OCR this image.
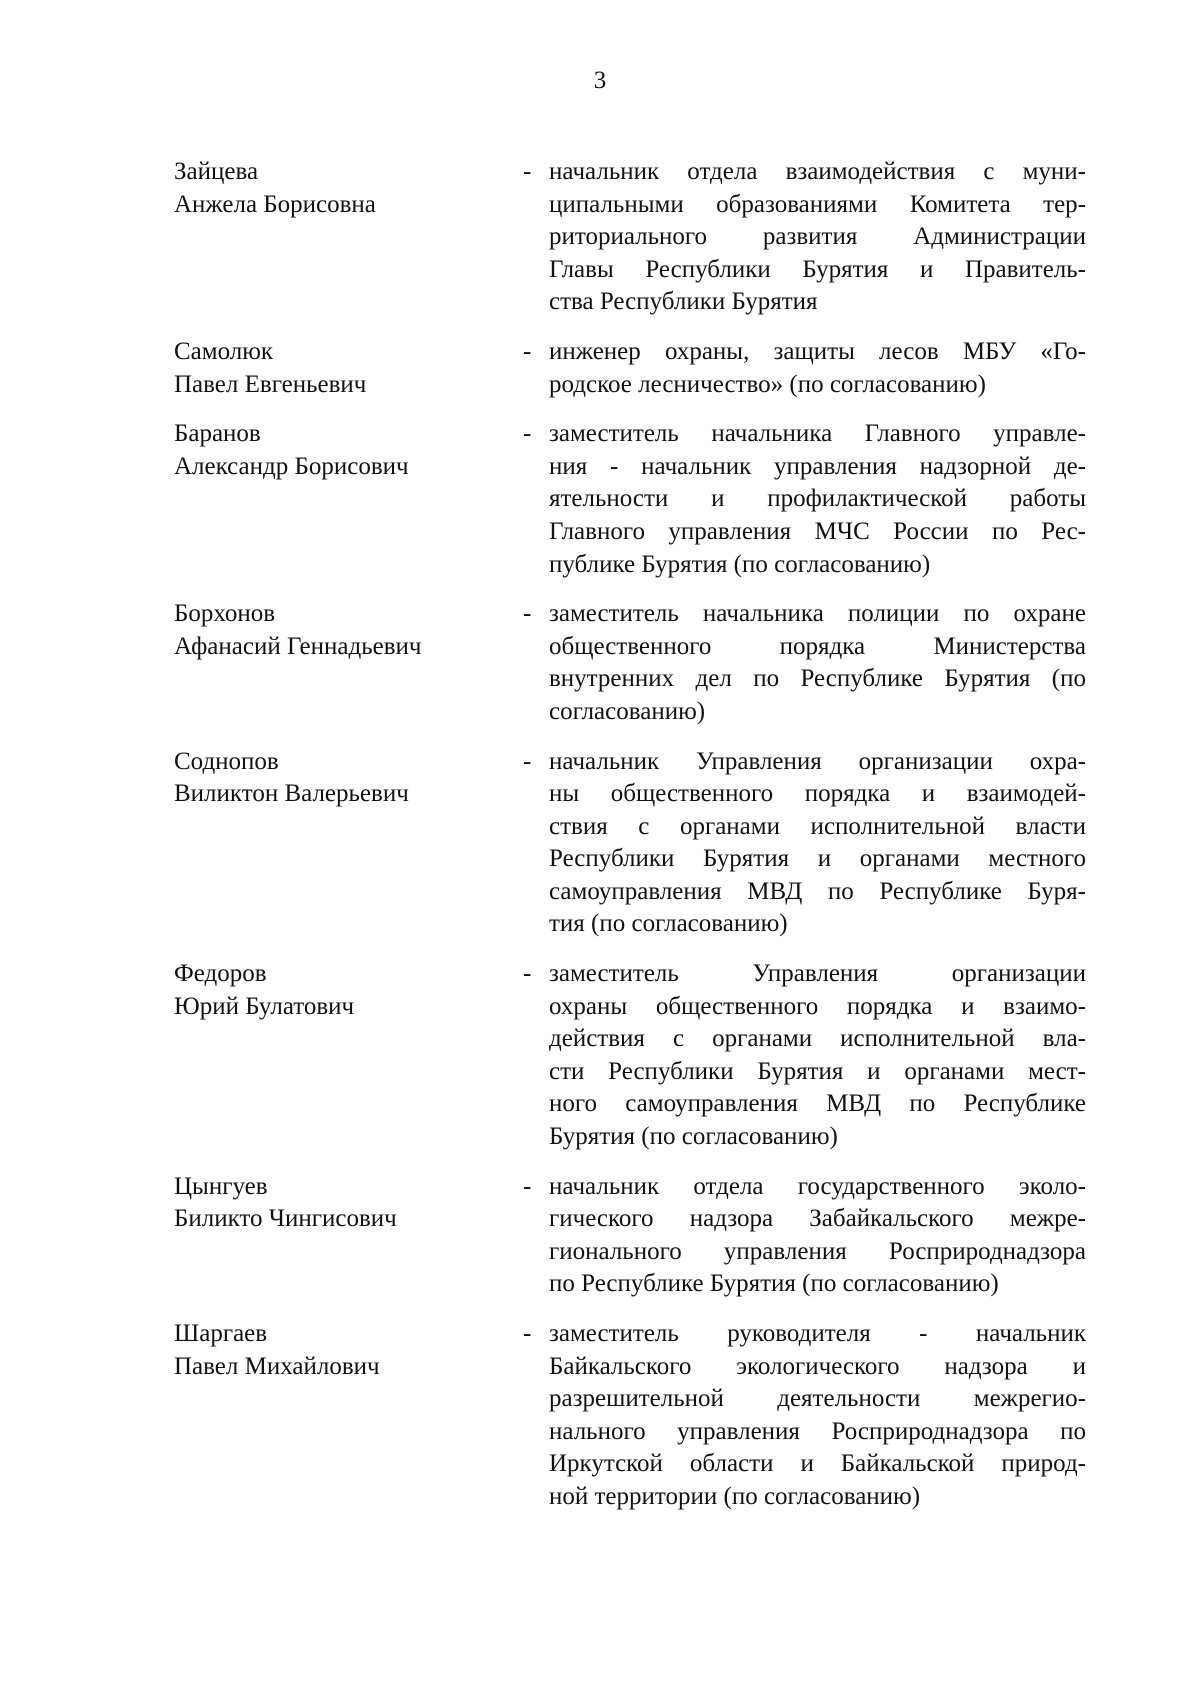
3
Зайцева
Анжела Борисовна
- начальник отдела взаимодействия с муни-
ципальными образованиями Комитета тер-
риториального развития Администрации
Главы Республики Бурятия и Правитель-
ства Республики Бурятия
Самолюк
Павел Евгеньевич
- инженер охраны, защиты лесов МБУ «Го-
родское лесничество» (по согласованию)
Баранов
Александр Борисович
- заместитель начальника Главного управле-
ния - начальник управления надзорной де-
ятельности и профилактической работы
Главного управления МЧС России по Рес-
публике Бурятия (по согласованию)
Борхонов
Афанасий Геннадьевич
- заместитель начальника полиции по охране
общественного порядка Министерства
внутренних дел по Республике Бурятия (по
согласованию)
Соднопов
Виликтон Валерьевич
- начальник Управления организации охра-
ны общественного порядка и взаимодей-
ствия с органами исполнительной власти
Республики Бурятия и органами местного
самоуправления МВД по Республике Буря-
тия (по согласованию)
Федоров
Юрий Булатович
- заместитель Управления организации
охраны общественного порядка и взаимо-
действия с органами исполнительной вла-
сти Республики Бурятия и органами мест-
ного самоуправления МВД по Республике
Бурятия (по согласованию)
Цынгуев
Биликто Чингисович
- начальник отдела государственного эколо-
гического надзора Забайкальского межре-
гионального управления Росприроднадзора
по Республике Бурятия (по согласованию)
Шаргаев
Павел Михайлович
- заместитель руководителя - начальник
Байкальского экологического надзора и
разрешительной деятельности межрегио-
нального управления Росприроднадзора по
Иркутской области и Байкальской природ-
ной территории (по согласованию)
